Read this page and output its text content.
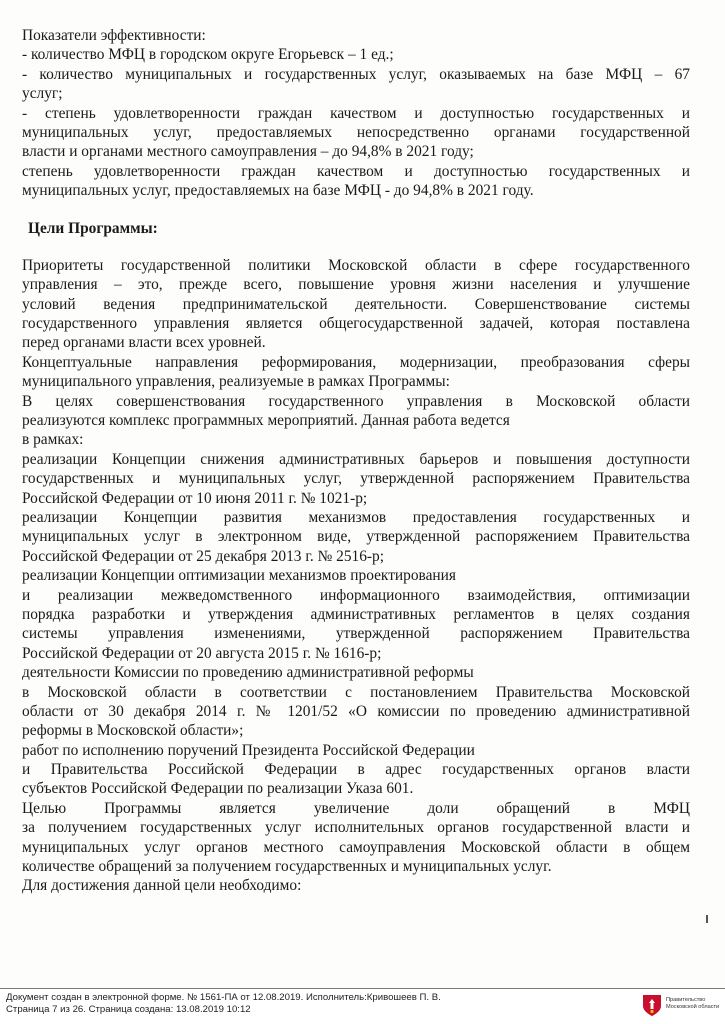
Показатели эффективности:
- количество МФЦ в городском округе Егорьевск – 1 ед.;
- количество муниципальных и государственных услуг, оказываемых на базе МФЦ – 67
услуг;
- степень удовлетворенности граждан качеством и доступностью государственных и
муниципальных услуг, предоставляемых непосредственно органами государственной
власти и органами местного самоуправления – до 94,8% в 2021 году;
степень удовлетворенности граждан качеством и доступностью государственных и
муниципальных услуг, предоставляемых на базе МФЦ - до 94,8% в 2021 году.
Цели Программы:
Приоритеты государственной политики Московской области в сфере государственного
управления – это, прежде всего, повышение уровня жизни населения и улучшение
условий ведения предпринимательской деятельности. Совершенствование системы
государственного управления является общегосударственной задачей, которая поставлена
перед органами власти всех уровней.
Концептуальные направления реформирования, модернизации, преобразования сферы
муниципального управления, реализуемые в рамках Программы:
В целях совершенствования государственного управления в Московской области
реализуются комплекс программных мероприятий. Данная работа ведется
в рамках:
реализации Концепции снижения административных барьеров и повышения доступности
государственных и муниципальных услуг, утвержденной распоряжением Правительства
Российской Федерации от 10 июня 2011 г. № 1021-р;
реализации Концепции развития механизмов предоставления государственных и
муниципальных услуг в электронном виде, утвержденной распоряжением Правительства
Российской Федерации от 25 декабря 2013 г. № 2516-р;
реализации Концепции оптимизации механизмов проектирования
и реализации межведомственного информационного взаимодействия, оптимизации
порядка разработки и утверждения административных регламентов в целях создания
системы управления изменениями, утвержденной распоряжением Правительства
Российской Федерации от 20 августа 2015 г. № 1616-р;
деятельности Комиссии по проведению административной реформы
в Московской области в соответствии с постановлением Правительства Московской
области от 30 декабря 2014 г. № 1201/52 «О комиссии по проведению административной
реформы в Московской области»;
работ по исполнению поручений Президента Российской Федерации
и Правительства Российской Федерации в адрес государственных органов власти
субъектов Российской Федерации по реализации Указа 601.
Целью Программы является увеличение доли обращений в МФЦ
за получением государственных услуг исполнительных органов государственной власти и
муниципальных услуг органов местного самоуправления Московской области в общем
количестве обращений за получением государственных и муниципальных услуг.
Для достижения данной цели необходимо:
Документ создан в электронной форме. № 1561-ПА от 12.08.2019. Исполнитель:Кривошеев П. В.
Страница 7 из 26. Страница создана: 13.08.2019 10:12
Правительство
Московской области
